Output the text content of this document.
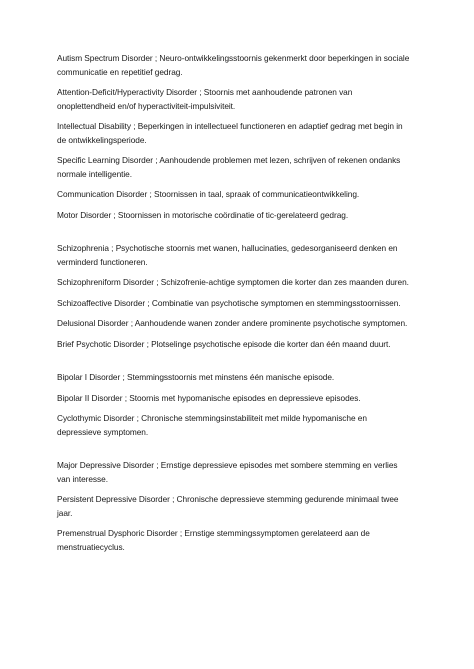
Autism Spectrum Disorder ; Neuro-ontwikkelingsstoornis gekenmerkt door beperkingen in sociale communicatie en repetitief gedrag.

Attention-Deficit/Hyperactivity Disorder ; Stoornis met aanhoudende patronen van onoplettendheid en/of hyperactiviteit-impulsiviteit.

Intellectual Disability ; Beperkingen in intellectueel functioneren en adaptief gedrag met begin in de ontwikkelingsperiode.

Specific Learning Disorder ; Aanhoudende problemen met lezen, schrijven of rekenen ondanks normale intelligentie.

Communication Disorder ; Stoornissen in taal, spraak of communicatieontwikkeling.

Motor Disorder ; Stoornissen in motorische coördinatie of tic-gerelateerd gedrag.

Schizophrenia ; Psychotische stoornis met wanen, hallucinaties, gedesorganiseerd denken en verminderd functioneren.

Schizophreniform Disorder ; Schizofrenie-achtige symptomen die korter dan zes maanden duren.

Schizoaffective Disorder ; Combinatie van psychotische symptomen en stemmingsstoornissen.

Delusional Disorder ; Aanhoudende wanen zonder andere prominente psychotische symptomen.

Brief Psychotic Disorder ; Plotselinge psychotische episode die korter dan één maand duurt.

Bipolar I Disorder ; Stemmingsstoornis met minstens één manische episode.

Bipolar II Disorder ; Stoornis met hypomanische episodes en depressieve episodes.

Cyclothymic Disorder ; Chronische stemmingsinstabiliteit met milde hypomanische en depressieve symptomen.

Major Depressive Disorder ; Ernstige depressieve episodes met sombere stemming en verlies van interesse.

Persistent Depressive Disorder ; Chronische depressieve stemming gedurende minimaal twee jaar.

Premenstrual Dysphoric Disorder ; Ernstige stemmingssymptomen gerelateerd aan de menstruatiecyclus.
